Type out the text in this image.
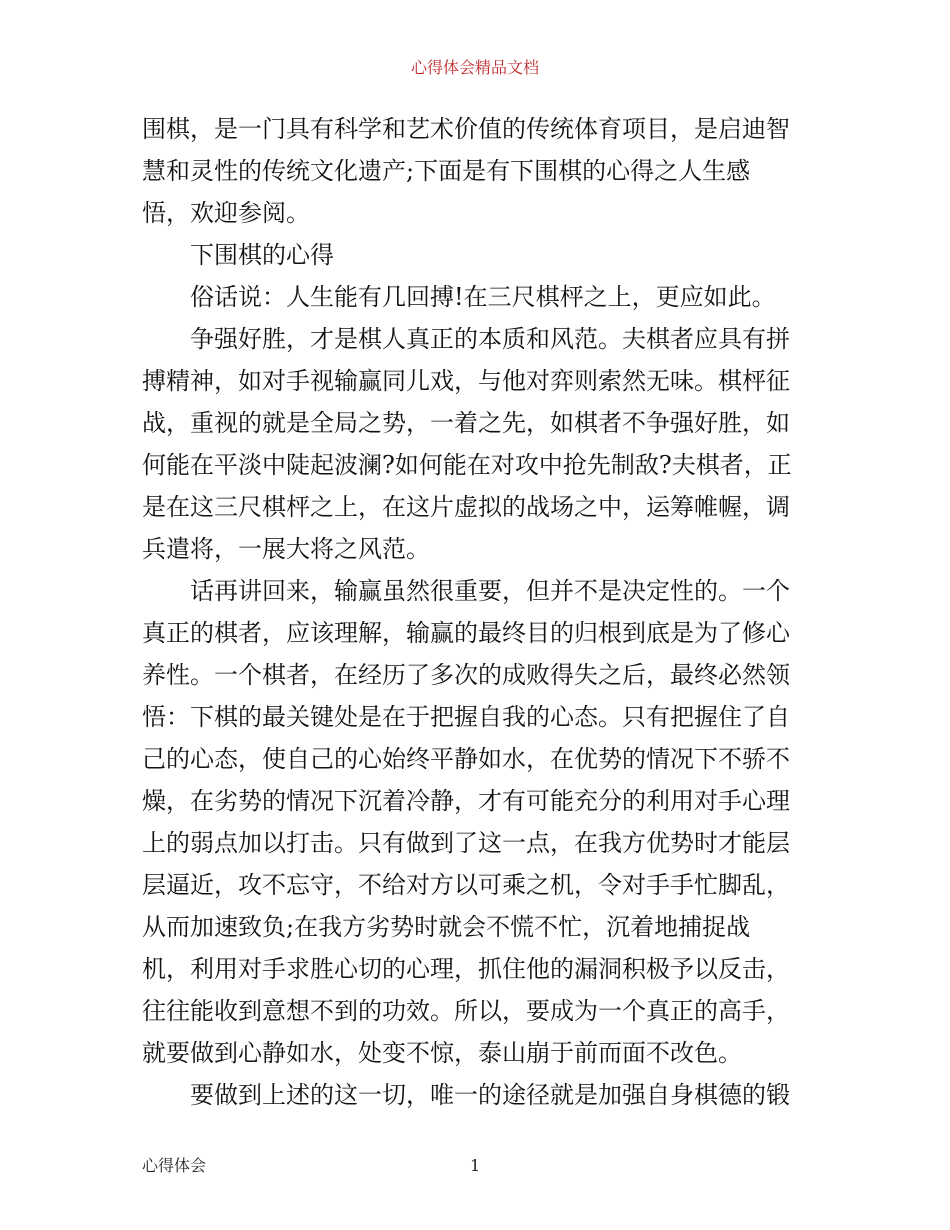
心得体会精品文档
围棋，是一门具有科学和艺术价值的传统体育项目，是启迪智
慧和灵性的传统文化遗产;下面是有下围棋的心得之人生感
悟，欢迎参阅。
下围棋的心得
俗话说：人生能有几回搏!在三尺棋枰之上，更应如此。
争强好胜，才是棋人真正的本质和风范。夫棋者应具有拼
搏精神，如对手视输赢同儿戏，与他对弈则索然无味。棋枰征
战，重视的就是全局之势，一着之先，如棋者不争强好胜，如
何能在平淡中陡起波澜?如何能在对攻中抢先制敌?夫棋者，正
是在这三尺棋枰之上，在这片虚拟的战场之中，运筹帷幄，调
兵遣将，一展大将之风范。
话再讲回来，输赢虽然很重要，但并不是决定性的。一个
真正的棋者，应该理解，输赢的最终目的归根到底是为了修心
养性。一个棋者，在经历了多次的成败得失之后，最终必然领
悟：下棋的最关键处是在于把握自我的心态。只有把握住了自
己的心态，使自己的心始终平静如水，在优势的情况下不骄不
燥，在劣势的情况下沉着冷静，才有可能充分的利用对手心理
上的弱点加以打击。只有做到了这一点，在我方优势时才能层
层逼近，攻不忘守，不给对方以可乘之机，令对手手忙脚乱，
从而加速致负;在我方劣势时就会不慌不忙，沉着地捕捉战
机，利用对手求胜心切的心理，抓住他的漏洞积极予以反击，
往往能收到意想不到的功效。所以，要成为一个真正的高手，
就要做到心静如水，处变不惊，泰山崩于前而面不改色。
要做到上述的这一切，唯一的途径就是加强自身棋德的锻
心得体会	1
